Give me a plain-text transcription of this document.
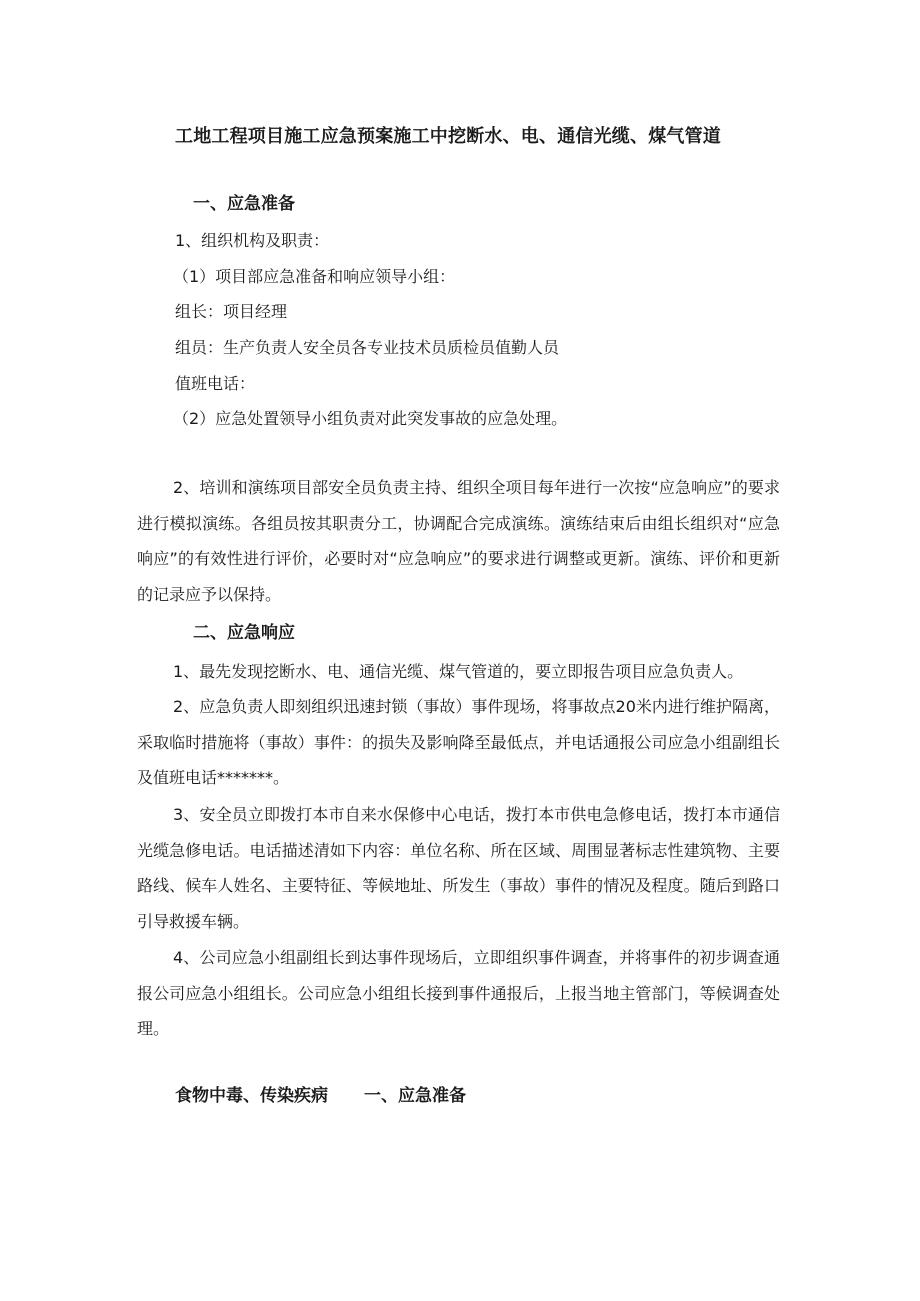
工地工程项目施工应急预案施工中挖断水、电、通信光缆、煤气管道
一、应急准备
1、组织机构及职责：
（1）项目部应急准备和响应领导小组：
组长：项目经理
组员：生产负责人安全员各专业技术员质检员值勤人员
值班电话：
（2）应急处置领导小组负责对此突发事故的应急处理。
2、培训和演练项目部安全员负责主持、组织全项目每年进行一次按“应急响应”的要求进行模拟演练。各组员按其职责分工，协调配合完成演练。演练结束后由组长组织对“应急响应”的有效性进行评价，必要时对“应急响应”的要求进行调整或更新。演练、评价和更新的记录应予以保持。
二、应急响应
1、最先发现挖断水、电、通信光缆、煤气管道的，要立即报告项目应急负责人。
2、应急负责人即刻组织迅速封锁（事故）事件现场，将事故点20米内进行维护隔离，采取临时措施将（事故）事件：的损失及影响降至最低点，并电话通报公司应急小组副组长及值班电话*******。
3、安全员立即拨打本市自来水保修中心电话，拨打本市供电急修电话，拨打本市通信光缆急修电话。电话描述清如下内容：单位名称、所在区域、周围显著标志性建筑物、主要路线、候车人姓名、主要特征、等候地址、所发生（事故）事件的情况及程度。随后到路口引导救援车辆。
4、公司应急小组副组长到达事件现场后，立即组织事件调查，并将事件的初步调查通报公司应急小组组长。公司应急小组组长接到事件通报后，上报当地主管部门，等候调查处理。
食物中毒、传染疾病 一、应急准备
